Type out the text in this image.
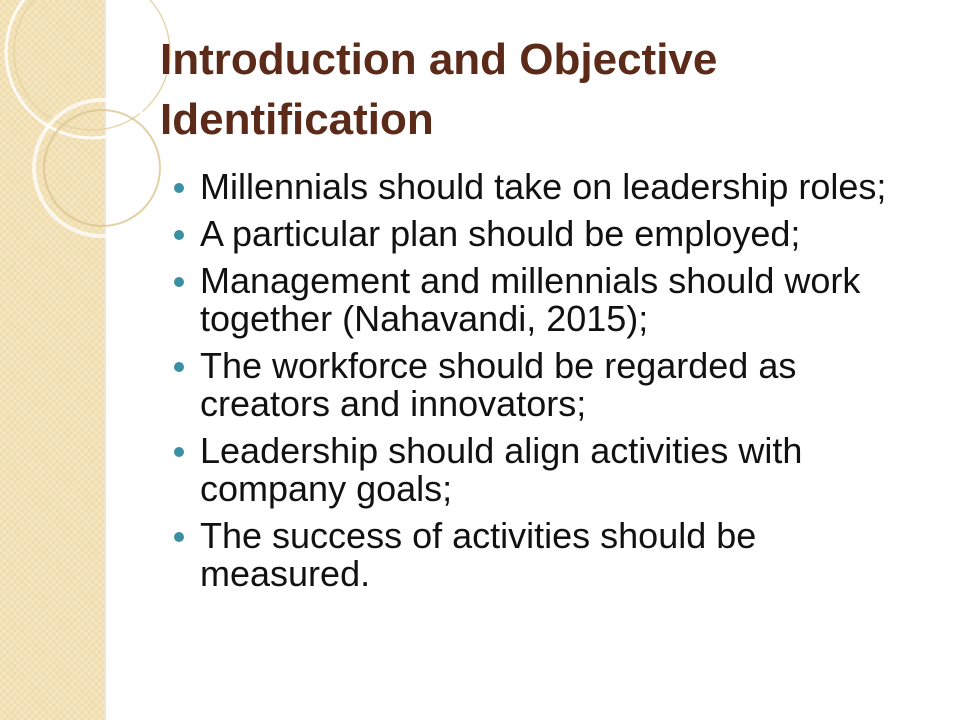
Introduction and Objective Identification
Millennials should take on leadership roles;
A particular plan should be employed;
Management and millennials should work together (Nahavandi, 2015);
The workforce should be regarded as creators and innovators;
Leadership should align activities with company goals;
The success of activities should be measured.
